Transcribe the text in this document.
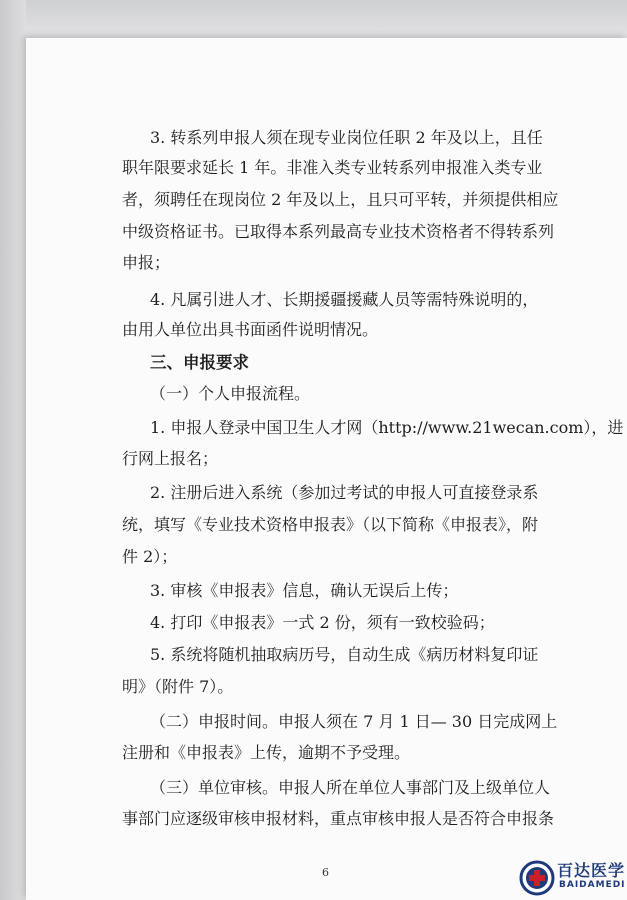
3. 转系列申报人须在现专业岗位任职 2 年及以上，且任
职年限要求延长 1 年。非准入类专业转系列申报准入类专业
者，须聘任在现岗位 2 年及以上，且只可平转，并须提供相应
中级资格证书。已取得本系列最高专业技术资格者不得转系列
申报；
4. 凡属引进人才、长期援疆援藏人员等需特殊说明的，
由用人单位出具书面函件说明情况。
三、申报要求
（一）个人申报流程。
1. 申报人登录中国卫生人才网（http://www.21wecan.com），进
行网上报名；
2. 注册后进入系统（参加过考试的申报人可直接登录系
统，填写《专业技术资格申报表》（以下简称《申报表》，附
件 2）；
3. 审核《申报表》信息，确认无误后上传；
4. 打印《申报表》一式 2 份，须有一致校验码；
5. 系统将随机抽取病历号，自动生成《病历材料复印证
明》（附件 7）。
（二）申报时间。申报人须在 7 月 1 日— 30 日完成网上
注册和《申报表》上传，逾期不予受理。
（三）单位审核。申报人所在单位人事部门及上级单位人
事部门应逐级审核申报材料，重点审核申报人是否符合申报条
6	百达医学
BAIDAMEDI
